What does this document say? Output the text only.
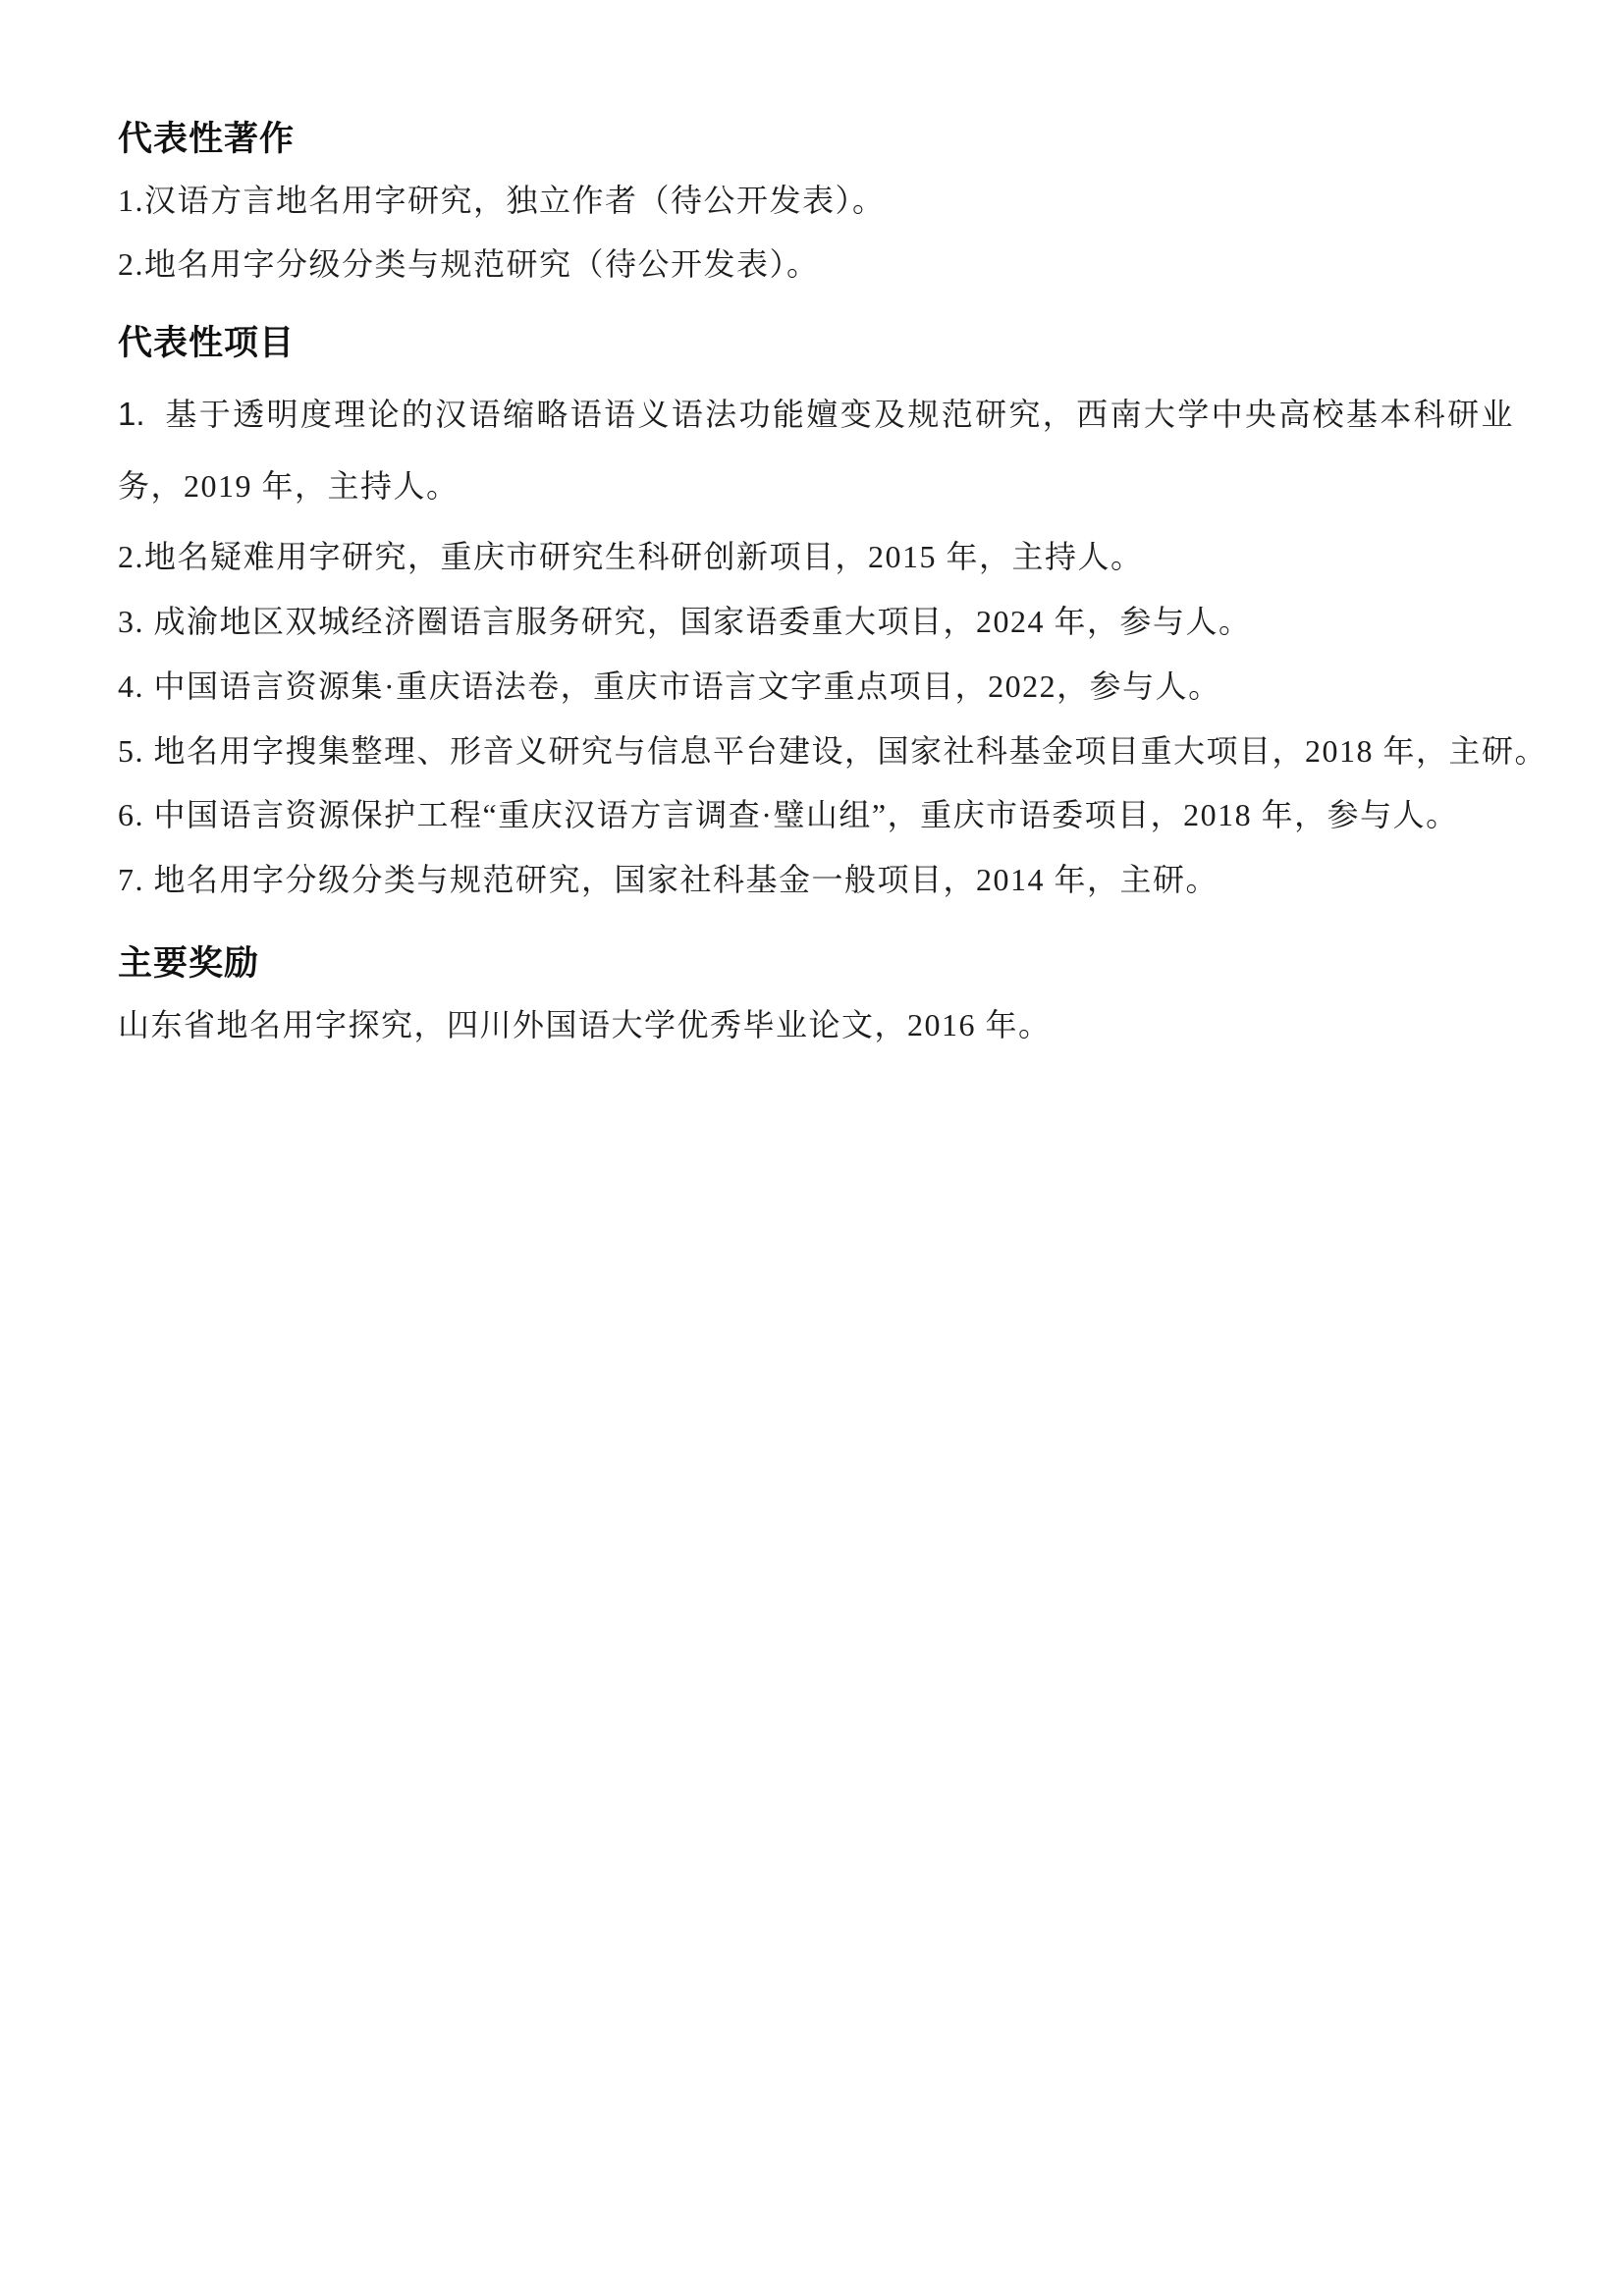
代表性著作
1.汉语方言地名用字研究，独立作者（待公开发表）。
2.地名用字分级分类与规范研究（待公开发表）。
代表性项目
1. 基于透明度理论的汉语缩略语语义语法功能嬗变及规范研究，西南大学中央高校基本科研业务，2019 年，主持人。
2.地名疑难用字研究，重庆市研究生科研创新项目，2015 年，主持人。
3. 成渝地区双城经济圈语言服务研究，国家语委重大项目，2024 年，参与人。
4. 中国语言资源集·重庆语法卷，重庆市语言文字重点项目，2022，参与人。
5. 地名用字搜集整理、形音义研究与信息平台建设，国家社科基金项目重大项目，2018 年，主研。
6. 中国语言资源保护工程“重庆汉语方言调查·璧山组”，重庆市语委项目，2018 年，参与人。
7. 地名用字分级分类与规范研究，国家社科基金一般项目，2014 年，主研。
主要奖励
山东省地名用字探究，四川外国语大学优秀毕业论文，2016 年。
